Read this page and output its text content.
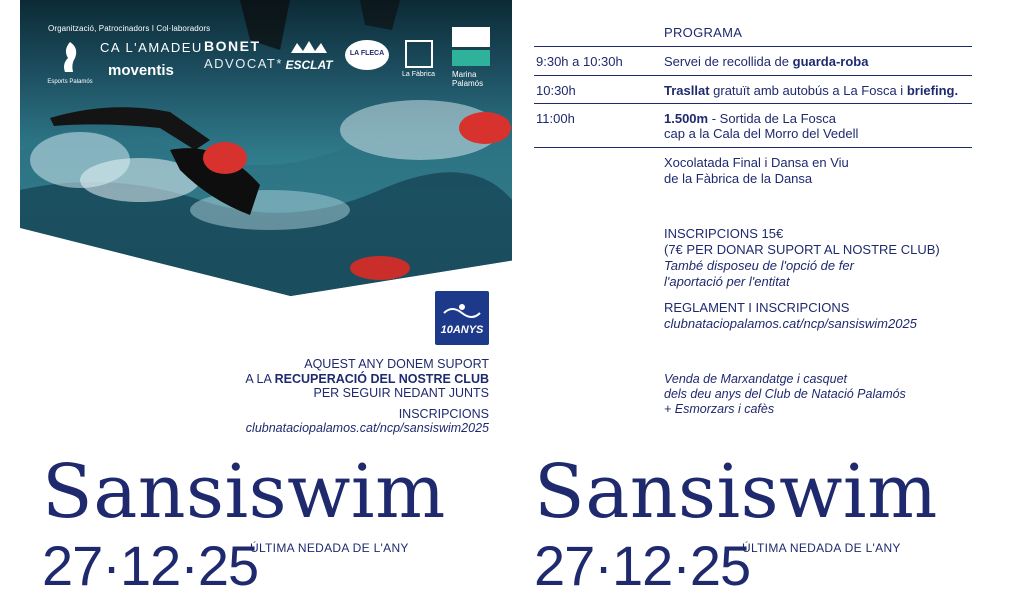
Organització, Patrocinadors I Col·laboradors
Esports Palamós
CA L'AMADEU
moventis
BONET
ADVOCAT* ESCLAT
LA FLECA
La Fàbrica Marina Palamós
10ANYS
AQUEST ANY DONEM SUPORT
A LA RECUPERACIÓ DEL NOSTRE CLUB
PER SEGUIR NEDANT JUNTS
INSCRIPCIONS
clubnataciopalamos.cat/ncp/sansiswim2025
PROGRAMA
9:30h a 10:30h	Servei de recollida de guarda-roba
10:30h	Trasllat gratuït amb autobús a La Fosca i briefing.
11:00h	1.500m - Sortida de La Fosca
cap a la Cala del Morro del Vedell
Xocolatada Final i Dansa en Viu
de la Fàbrica de la Dansa
INSCRIPCIONS 15€
(7€ PER DONAR SUPORT AL NOSTRE CLUB)
També disposeu de l'opció de fer
l'aportació per l'entitat
REGLAMENT I INSCRIPCIONS
clubnataciopalamos.cat/ncp/sansiswim2025
Venda de Marxandatge i casquet
dels deu anys del Club de Natació Palamós
+ Esmorzars i cafès
Sansiswim
27·12·25
ÚLTIMA NEDADA DE L'ANY
Sansiswim
27·12·25
ÚLTIMA NEDADA DE L'ANY
